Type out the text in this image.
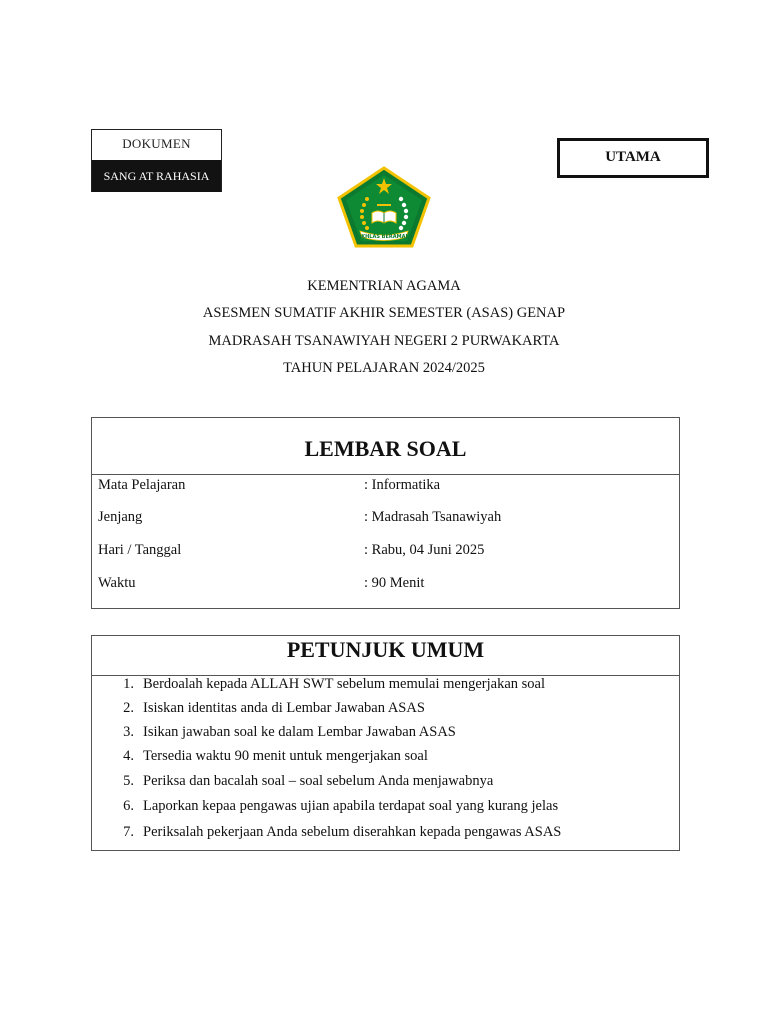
DOKUMEN
SANG AT RAHASIA
UTAMA
IKHLAS BERAMAL
KEMENTRIAN AGAMA
ASESMEN SUMATIF AKHIR SEMESTER (ASAS) GENAP
MADRASAH TSANAWIYAH NEGERI 2 PURWAKARTA
TAHUN PELAJARAN 2024/2025
LEMBAR SOAL
Mata Pelajaran	: Informatika
Jenjang	: Madrasah Tsanawiyah
Hari / Tanggal	: Rabu, 04 Juni 2025
Waktu	: 90 Menit
PETUNJUK UMUM
1. Berdoalah kepada ALLAH SWT sebelum memulai mengerjakan soal
2. Isiskan identitas anda di Lembar Jawaban ASAS
3. Isikan jawaban soal ke dalam Lembar Jawaban ASAS
4. Tersedia waktu 90 menit untuk mengerjakan soal
5. Periksa dan bacalah soal – soal sebelum Anda menjawabnya
6. Laporkan kepaa pengawas ujian apabila terdapat soal yang kurang jelas
7. Periksalah pekerjaan Anda sebelum diserahkan kepada pengawas ASAS
